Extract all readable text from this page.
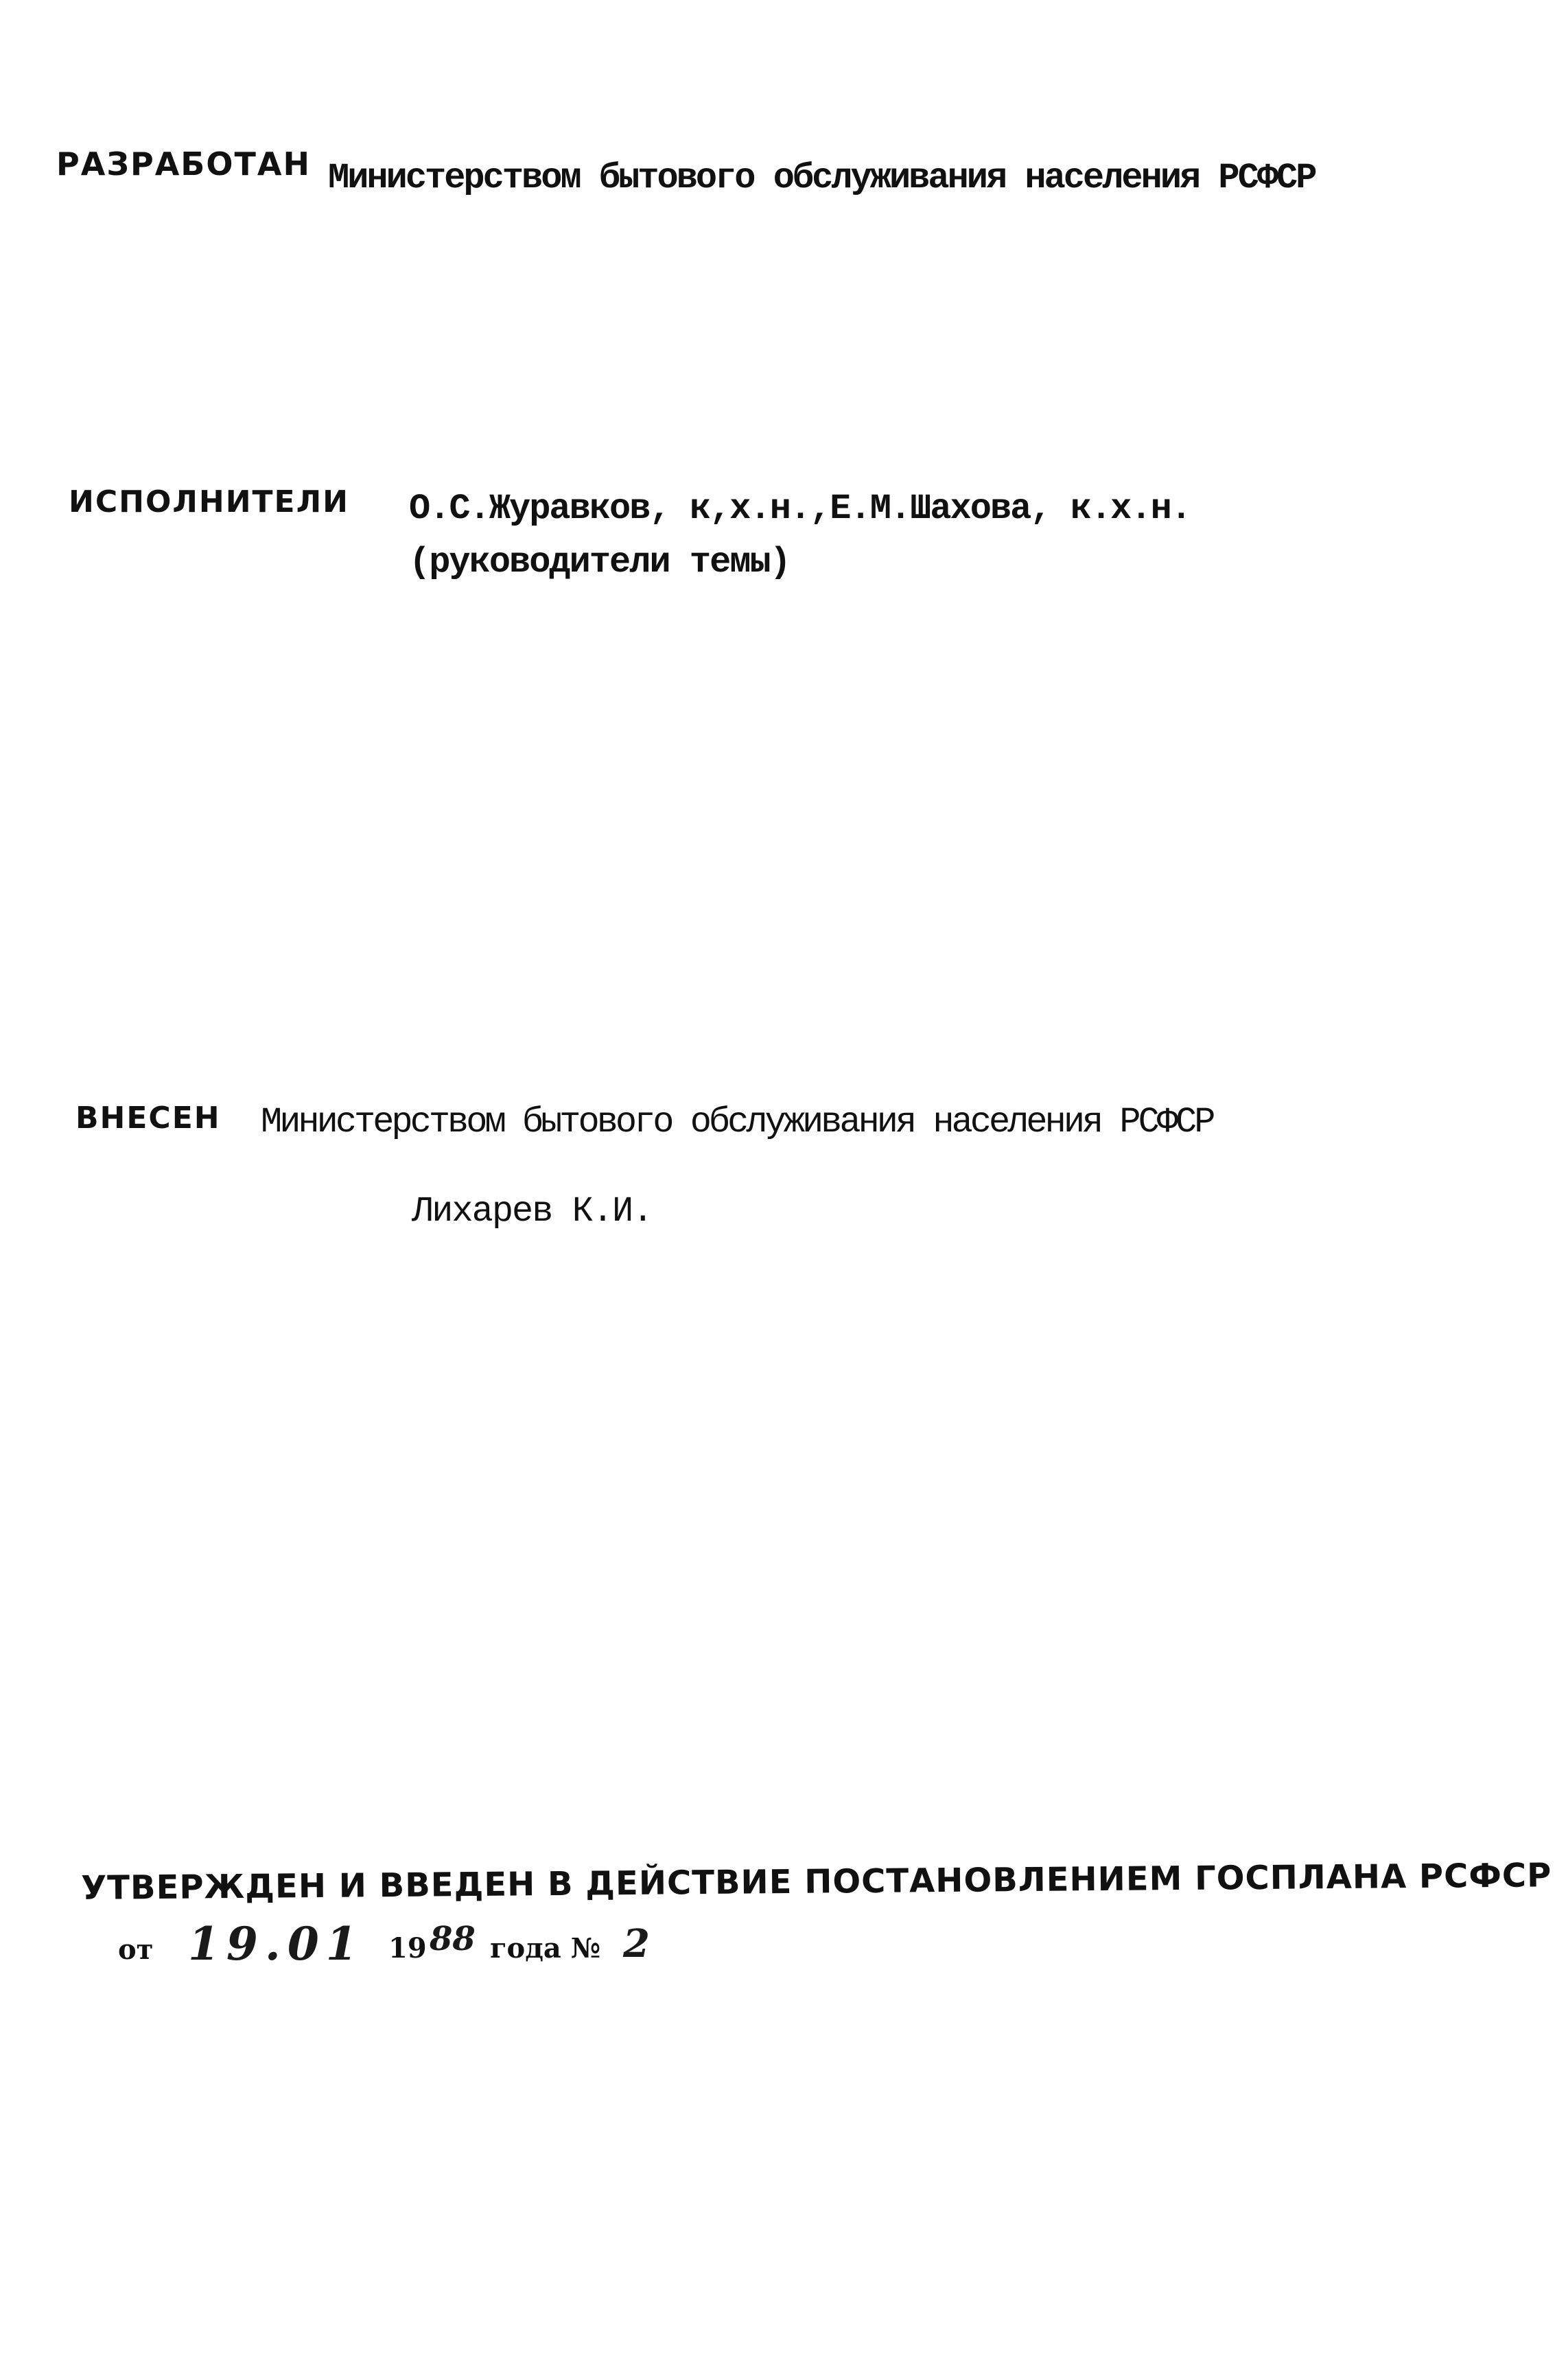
РАЗРАБОТАН Министерством бытового обслуживания населения РСФСР
ИСПОЛНИТЕЛИ О.С.Журавков, к,х.н.,Е.М.Шахова, к.х.н.
(руководители темы)
ВНЕСЕН Министерством бытового обслуживания населения РСФСР
Лихарев К.И.
УТВЕРЖДЕН И ВВЕДЕН В ДЕЙСТВИЕ ПОСТАНОВЛЕНИЕМ ГОСПЛАНА РСФСР
от 19.01 19 88 года № 2
